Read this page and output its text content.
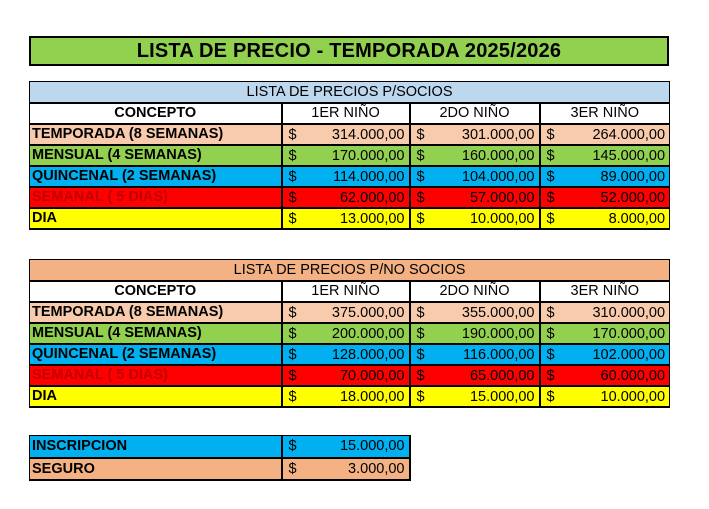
LISTA DE PRECIO - TEMPORADA 2025/2026
LISTA DE PRECIOS P/SOCIOS			
CONCEPTO	1ER NIÑO	2DO NIÑO	3ER NIÑO
TEMPORADA (8 SEMANAS)	$ 314.000,00	$ 301.000,00	$ 264.000,00

MENSUAL (4 SEMANAS)	$ 170.000,00	$ 160.000,00	$ 145.000,00

QUINCENAL (2 SEMANAS)	$ 114.000,00	$ 104.000,00	$ 89.000,00

SEMANAL ( 5 DIAS)	$ 62.000,00	$ 57.000,00	$ 52.000,00

DIA	$ 13.000,00	$ 10.000,00	$ 8.000,00
LISTA DE PRECIOS P/NO SOCIOS			
CONCEPTO	1ER NIÑO	2DO NIÑO	3ER NIÑO
TEMPORADA (8 SEMANAS)	$ 375.000,00	$ 355.000,00	$ 310.000,00

MENSUAL (4 SEMANAS)	$ 200.000,00	$ 190.000,00	$ 170.000,00

QUINCENAL (2 SEMANAS)	$ 128.000,00	$ 116.000,00	$ 102.000,00

SEMANAL ( 5 DIAS)	$ 70.000,00	$ 65.000,00	$ 60.000,00

DIA	$ 18.000,00	$ 15.000,00	$ 10.000,00
INSCRIPCION	$ 15.000,00

SEGURO	$ 3.000,00
